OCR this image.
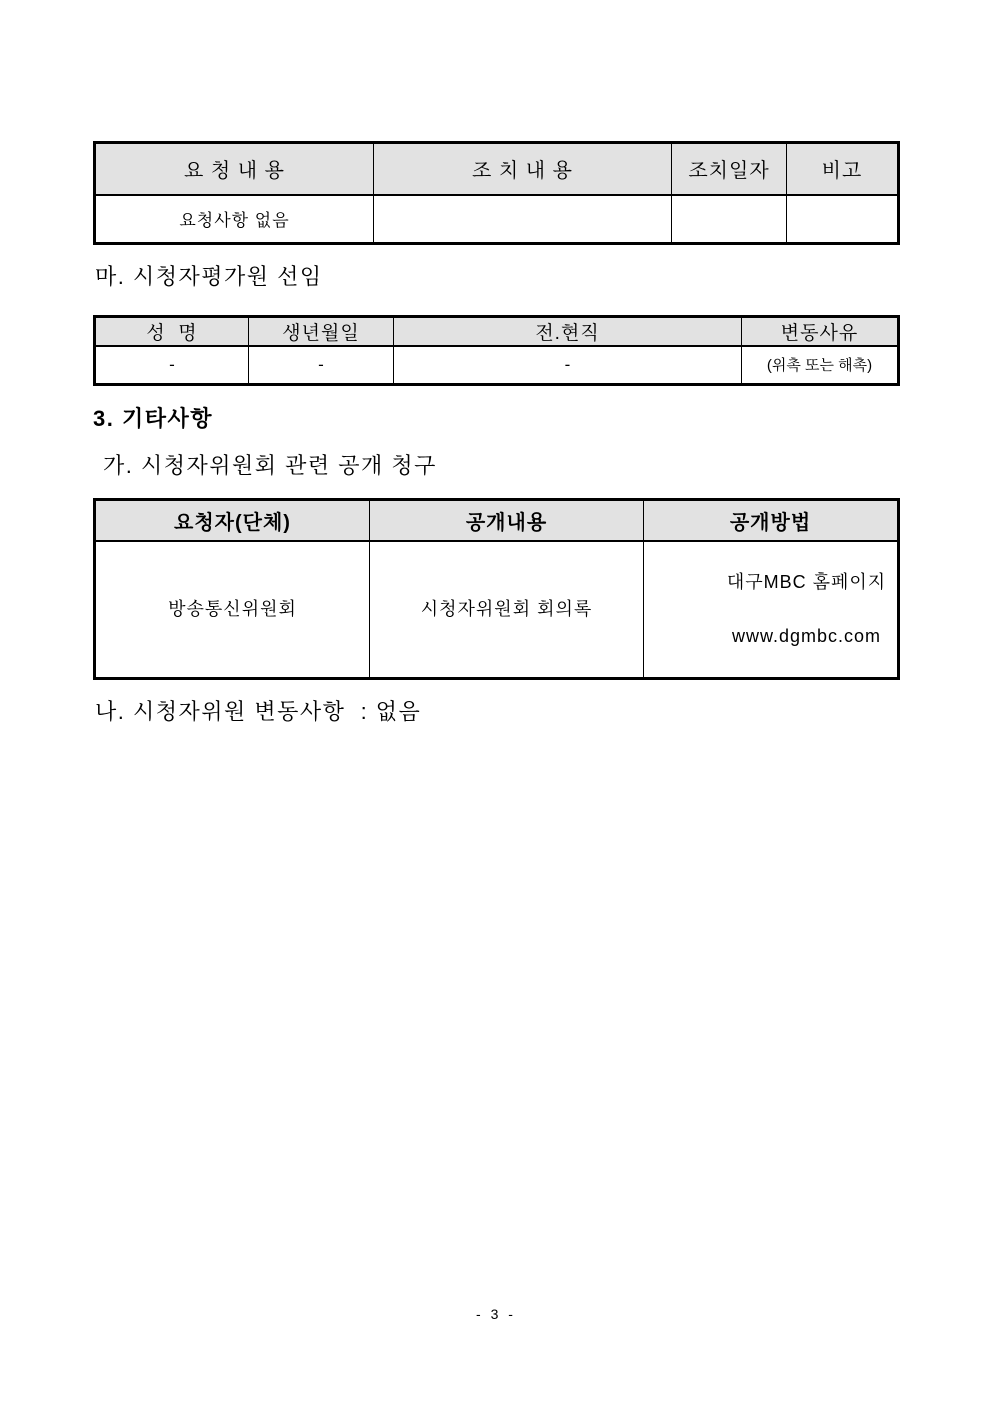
요 청 내 용	조 치 내 용	조치일자	비고
요청사항 없음			
마. 시청자평가원 선임
성  명	생년월일	전.현직	변동사유
-	-	-	(위촉 또는 해촉)
3. 기타사항
가. 시청자위원회 관련 공개 청구
요청자(단체)	공개내용	공개방법
방송통신위원회	시청자위원회 회의록	대구MBC 홈페이지

www.dgmbc.com

나. 시청자위원 변동사항  : 없음
- 3 -
